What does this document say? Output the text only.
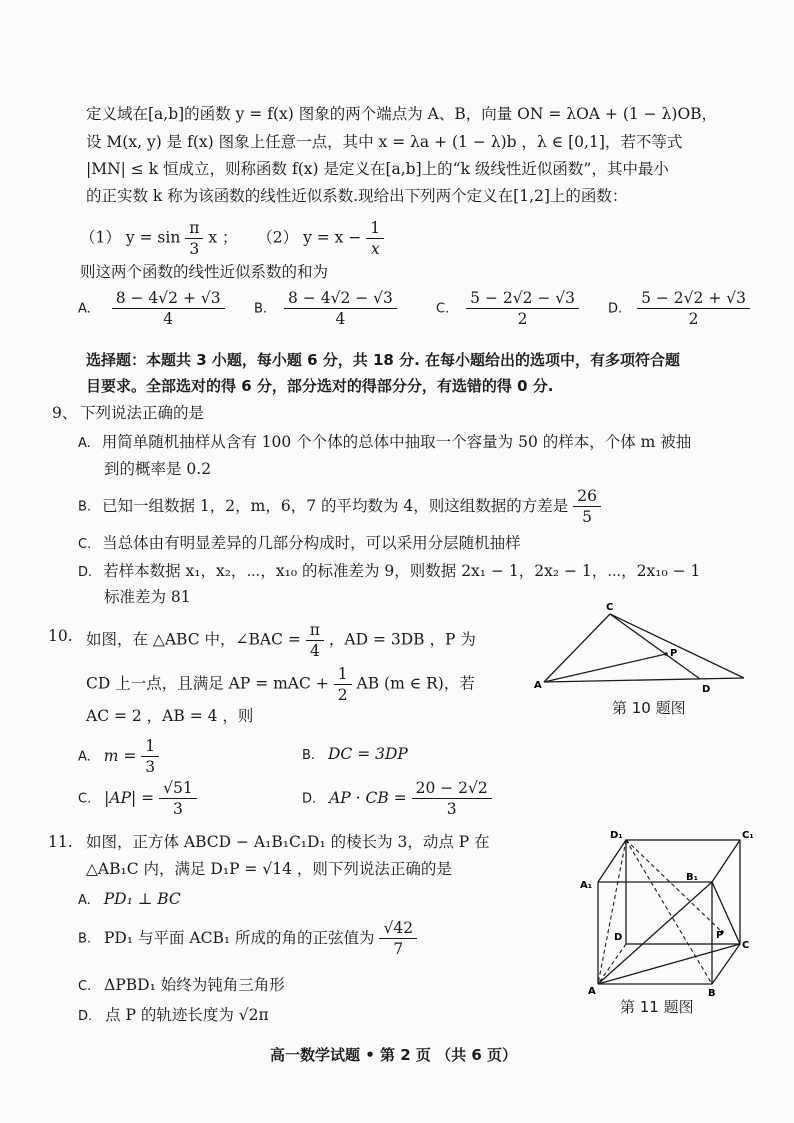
定义域在[a,b]的函数 y = f(x) 图象的两个端点为 A、B，向量 ON = λOA + (1 − λ)OB，
设 M(x, y) 是 f(x) 图象上任意一点，其中 x = λa + (1 − λ)b ，λ ∈ [0,1]，若不等式
|MN| ≤ k 恒成立，则称函数 f(x) 是定义在[a,b]上的“k 级线性近似函数”，其中最小
的正实数 k 称为该函数的线性近似系数.现给出下列两个定义在[1,2]上的函数：
（1） $y = \sin \frac{\pi}{3}$ x ； （2） $y = x - \frac{1}{x}$
则这两个函数的线性近似系数的和为
A. $\frac{8 - 4√2 + √3}{4} B$. $\frac{8 - 4√2 - √3}{4}$	C. $\frac{5 - 2√2 - √3}{2} D$. $\frac{5 - 2√2 + √3}{2}$
选择题：本题共 3 小题，每小题 6 分，共 18 分. 在每小题给出的选项中，有多项符合题
目要求。全部选对的得 6 分，部分选对的得部分分，有选错的得 0 分.
9、 下列说法正确的是
A. 用简单随机抽样从含有 100 个个体的总体中抽取一个容量为 50 的样本，个体 m 被抽
到的概率是 0.2
B. 已知一组数据 1，2，m，6，7 的平均数为 4，则这组数据的方差是 $\frac{26}{5}$
C. 当总体由有明显差异的几部分构成时，可以采用分层随机抽样
D. 若样本数据 x₁，x₂，⋯，x₁₀ 的标准差为 9，则数据 2x₁ − 1，2x₂ − 1，⋯，2x₁₀ − 1
标准差为 81
10. 如图，在 △ABC 中，∠BAC = $\frac{\pi}{4}$ ，AD = 3DB ，P 为
CD 上一点，且满足 AP = mAC + $\frac{1}{2}$ AB (m ∈ R)，若
AC = 2 ，AB = 4 ，则
A. $m = \frac{1}{3}$	B. DC = 3DP
C. $|AP| = \frac{√51}{3}$	D. AP · CB = $\frac{20 - 2√2}{3}$
A
C
P
D
第 10 题图
11. 如图，正方体 ABCD − A₁B₁C₁D₁ 的棱长为 3，动点 P 在
△AB₁C 内，满足 D₁P = √14 ，则下列说法正确的是
A. PD₁ ⊥ BC
B. PD₁ 与平面 ACB₁ 所成的角的正弦值为 $\frac{√42}{7}$
C. ΔPBD₁ 始终为钝角三角形
D. 点 P 的轨迹长度为 √2π
D₁	C₁
A₁
B₁
D	P
C
A	B
第 11 题图
高一数学试题 • 第 2 页 （共 6 页）
